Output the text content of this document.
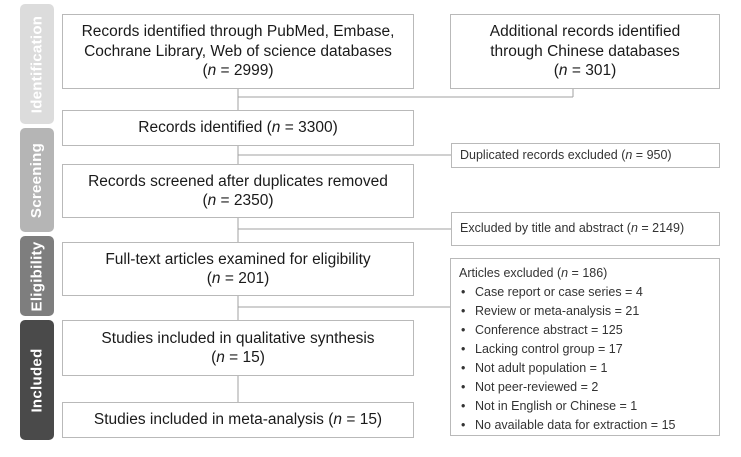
Identification
Screening
Eligibility
Included
Records identified through PubMed, Embase,
Cochrane Library, Web of science databases
(n = 2999)
Additional records identified
through Chinese databases
(n = 301)
Records identified (n = 3300)
Duplicated records excluded (n = 950)
Records screened after duplicates removed
(n = 2350)
Excluded by title and abstract (n = 2149)
Full-text articles examined for eligibility
(n = 201)	Articles excluded (n = 186)
• Case report or case series = 4
• Review or meta-analysis = 21
• Conference abstract = 125
• Lacking control group = 17
• Not adult population = 1
• Not peer-reviewed = 2
• Not in English or Chinese = 1
• No available data for extraction = 15
Studies included in qualitative synthesis
(n = 15)
Studies included in meta-analysis (n = 15)
